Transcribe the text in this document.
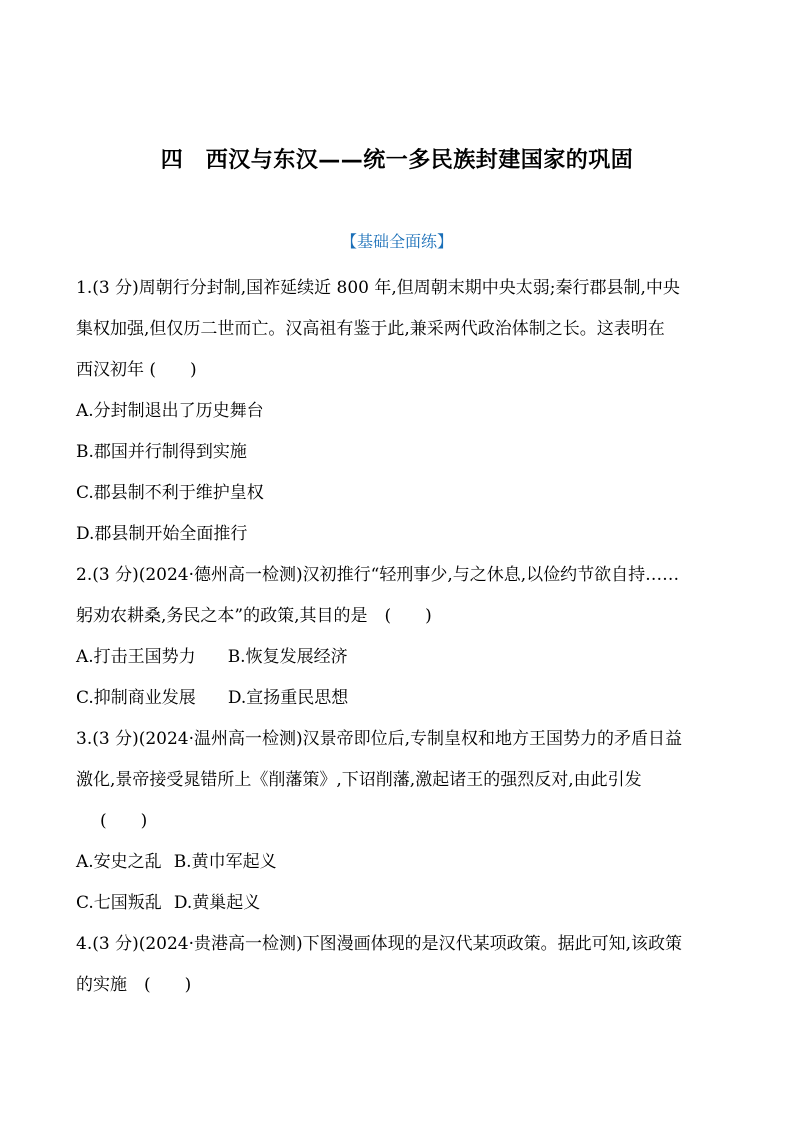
四　西汉与东汉——统一多民族封建国家的巩固
【基础全面练】
1.(3 分)周朝行分封制,国祚延续近 800 年,但周朝末期中央太弱;秦行郡县制,中央
集权加强,但仅历二世而亡。汉高祖有鉴于此,兼采两代政治体制之长。这表明在
西汉初年 (　　)
A.分封制退出了历史舞台
B.郡国并行制得到实施
C.郡县制不利于维护皇权
D.郡县制开始全面推行
2.(3 分)(2024·德州高一检测)汉初推行“轻刑事少,与之休息,以俭约节欲自持……
躬劝农耕桑,务民之本”的政策,其目的是　(　　)
A.打击王国势力 B.恢复发展经济
C.抑制商业发展 D.宣扬重民思想
3.(3 分)(2024·温州高一检测)汉景帝即位后,专制皇权和地方王国势力的矛盾日益
激化,景帝接受晁错所上《削藩策》,下诏削藩,激起诸王的强烈反对,由此引发
(　　)
A.安史之乱 B.黄巾军起义
C.七国叛乱 D.黄巢起义
4.(3 分)(2024·贵港高一检测)下图漫画体现的是汉代某项政策。据此可知,该政策
的实施　(　　)
